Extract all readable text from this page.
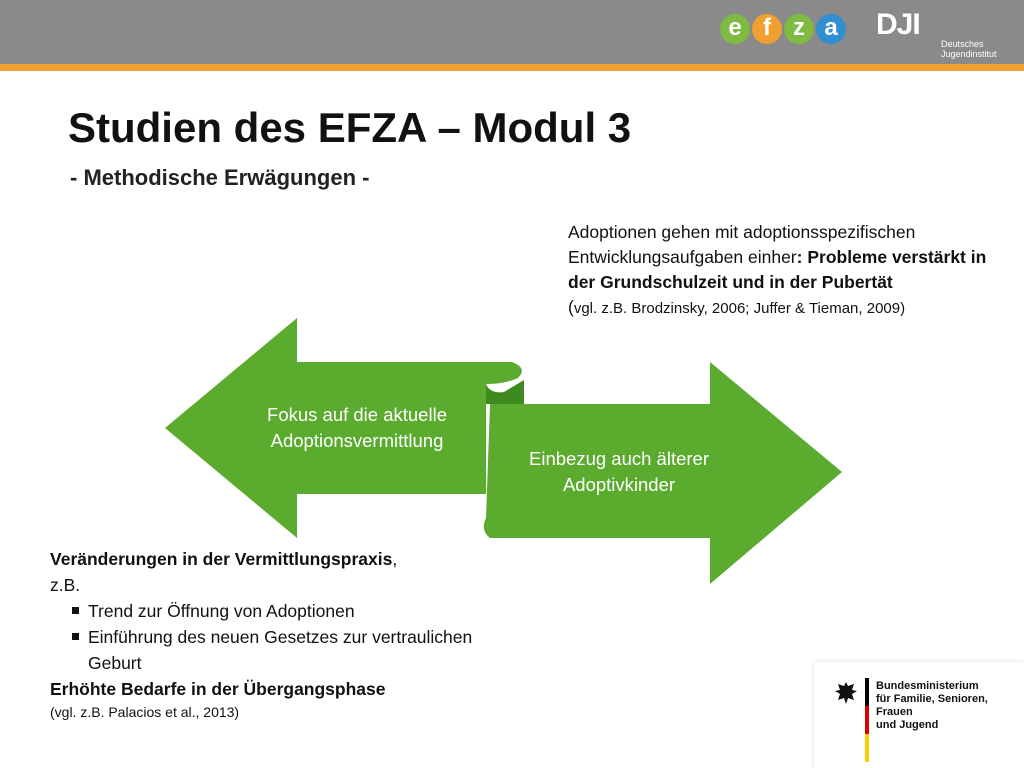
e f z a DJI
Deutsches
Jugendinstitut
Studien des EFZA – Modul 3
- Methodische Erwägungen -
Adoptionen gehen mit adoptionsspezifischen Entwicklungsaufgaben einher: Probleme verstärkt in der Grundschulzeit und in der Pubertät
(vgl. z.B. Brodzinsky, 2006; Juffer & Tieman, 2009)
Fokus auf die aktuelle Adoptionsvermittlung
Einbezug auch älterer Adoptivkinder
Veränderungen in der Vermittlungspraxis,
z.B.
Trend zur Öffnung von Adoptionen
Einführung des neuen Gesetzes zur vertraulichen Geburt
Erhöhte Bedarfe in der Übergangsphase
(vgl. z.B. Palacios et al., 2013)
Bundesministerium
für Familie, Senioren, Frauen
und Jugend
